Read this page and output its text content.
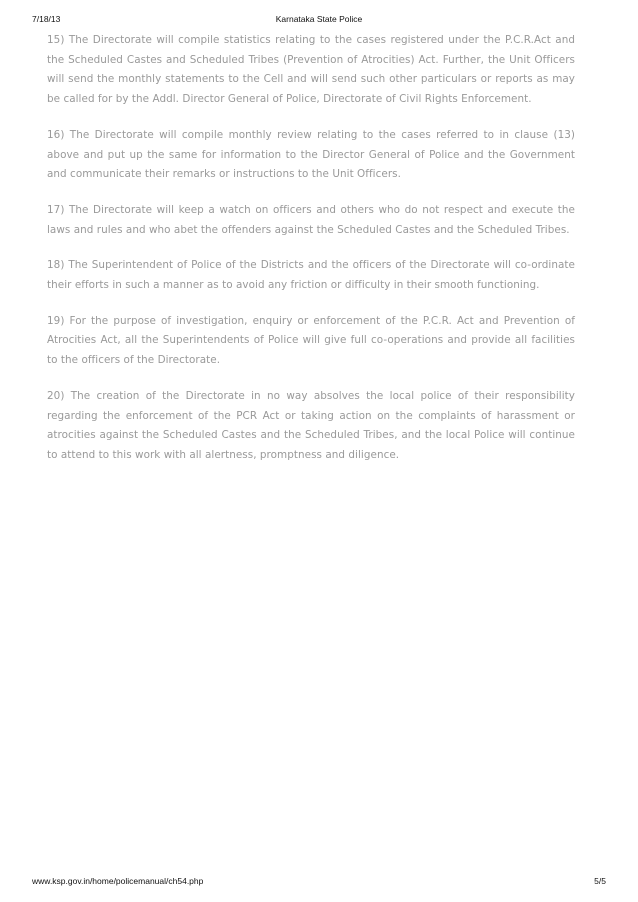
7/18/13	Karnataka State Police

15) The Directorate will compile statistics relating to the cases registered under the P.C.R.Act and the Scheduled Castes and Scheduled Tribes (Prevention of Atrocities) Act. Further, the Unit Officers will send the monthly statements to the Cell and will send such other particulars or reports as may be called for by the Addl. Director General of Police, Directorate of Civil Rights Enforcement.

16) The Directorate will compile monthly review relating to the cases referred to in clause (13) above and put up the same for information to the Director General of Police and the Government and communicate their remarks or instructions to the Unit Officers.

17) The Directorate will keep a watch on officers and others who do not respect and execute the laws and rules and who abet the offenders against the Scheduled Castes and the Scheduled Tribes.

18) The Superintendent of Police of the Districts and the officers of the Directorate will co-ordinate their efforts in such a manner as to avoid any friction or difficulty in their smooth functioning.

19) For the purpose of investigation, enquiry or enforcement of the P.C.R. Act and Prevention of Atrocities Act, all the Superintendents of Police will give full co-operations and provide all facilities to the officers of the Directorate.

20) The creation of the Directorate in no way absolves the local police of their responsibility regarding the enforcement of the PCR Act or taking action on the complaints of harassment or atrocities against the Scheduled Castes and the Scheduled Tribes, and the local Police will continue to attend to this work with all alertness, promptness and diligence.

www.ksp.gov.in/home/policemanual/ch54.php	5/5
